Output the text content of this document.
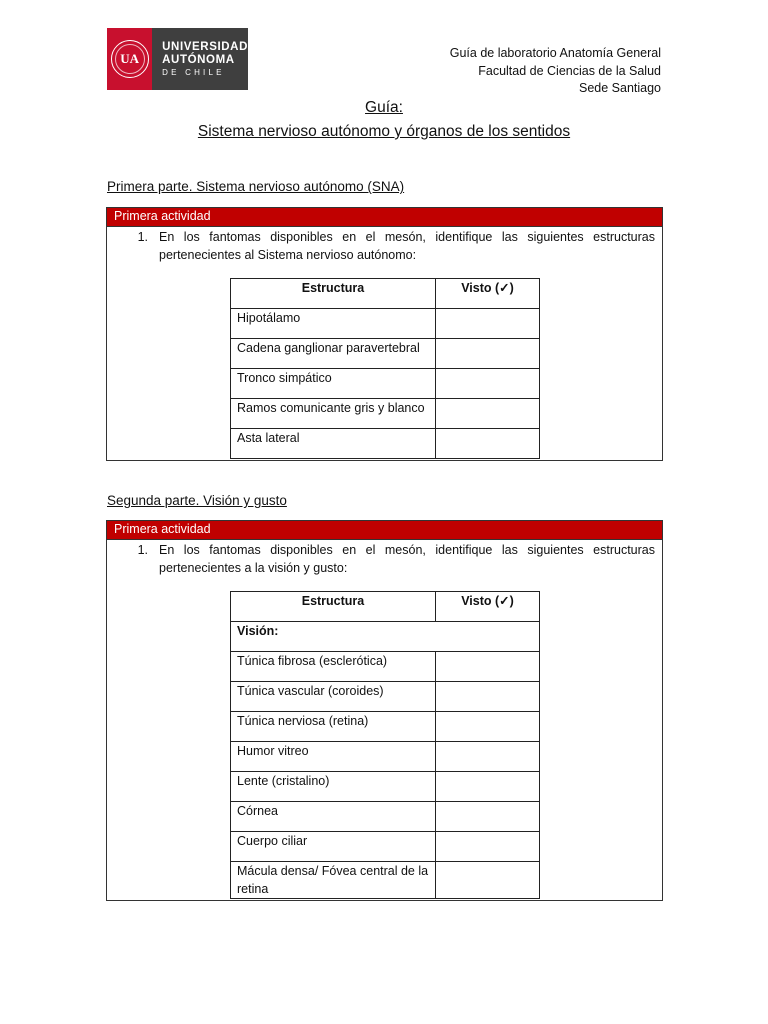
UA
UNIVERSIDAD
AUTÓNOMA
DE CHILE
Guía de laboratorio Anatomía General
Facultad de Ciencias de la Salud
Sede Santiago
Guía:
Sistema nervioso autónomo y órganos de los sentidos
Primera parte. Sistema nervioso autónomo (SNA)
Primera actividad
1. En los fantomas disponibles en el mesón, identifique las siguientes estructuras pertenecientes al Sistema nervioso autónomo:
Estructura	Visto (✓)
Hipotálamo	
Cadena ganglionar paravertebral	
Tronco simpático	
Ramos comunicante gris y blanco	
Asta lateral	
Segunda parte. Visión y gusto
Primera actividad
1. En los fantomas disponibles en el mesón, identifique las siguientes estructuras pertenecientes a la visión y gusto:
Estructura	Visto (✓)
Visión:	
Túnica fibrosa (esclerótica)	
Túnica vascular (coroides)	
Túnica nerviosa (retina)	
Humor vitreo	
Lente (cristalino)	
Córnea	
Cuerpo ciliar	
Mácula densa/ Fóvea central de la retina	
